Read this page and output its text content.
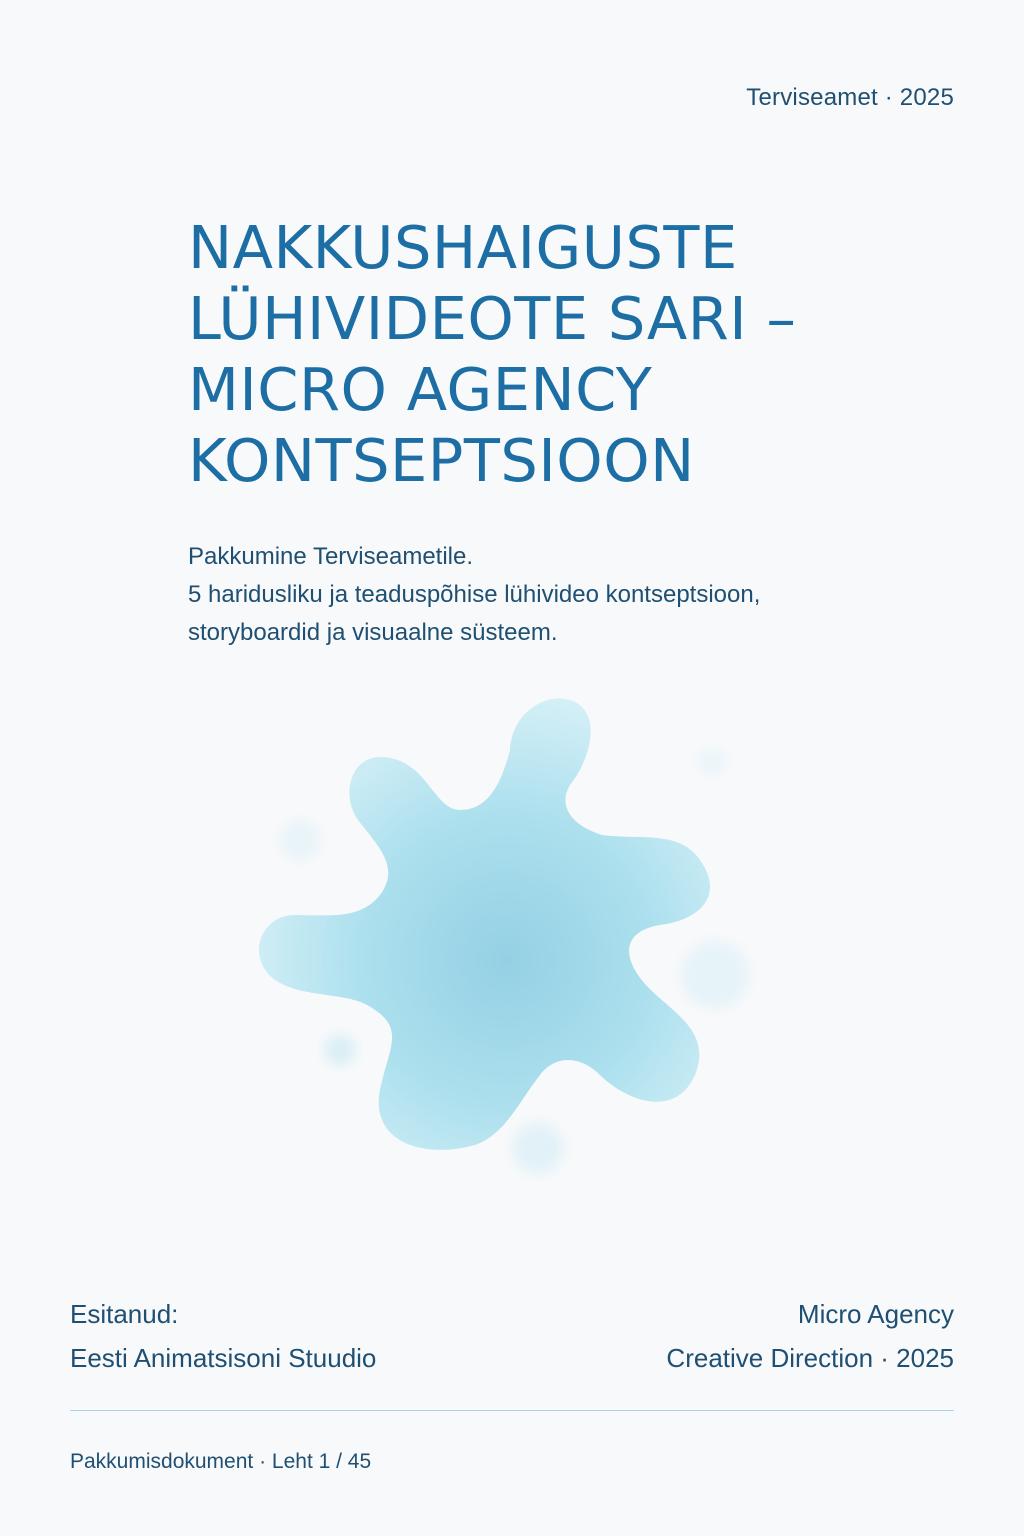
Terviseamet · 2025
NAKKUSHAIGUSTE
LÜHIVIDEOTE SARI –
MICRO AGENCY
KONTSEPTSIOON
Pakkumine Terviseametile.
5 haridusliku ja teaduspõhise lühivideo kontseptsioon,
storyboardid ja visuaalne süsteem.
Esitanud:
Eesti Animatsisoni Stuudio
Micro Agency
Creative Direction · 2025
Pakkumisdokument · Leht 1 / 45
